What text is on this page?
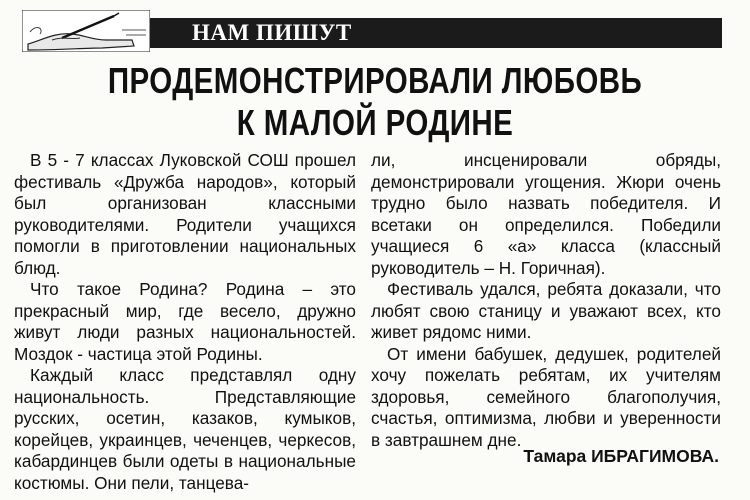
НАМ ПИШУТ
ПРОДЕМОНСТРИРОВАЛИ ЛЮБОВЬ
К МАЛОЙ РОДИНЕ

В 5 - 7 классах Луковской СОШ прошел фестиваль «Дружба народов», который был организован классными руководителями. Родители учащихся помогли в приготовлении национальных блюд.

Что такое Родина? Родина – это прекрасный мир, где весело, дружно живут люди разных национальностей. Моздок - частица этой Родины.

Каждый класс представлял одну национальность. Представляющие русских, осетин, казаков, кумыков, корейцев, украинцев, чеченцев, черкесов, кабардинцев были одеты в национальные костюмы. Они пели, танцева-

ли, инсценировали обряды, демонстрировали угощения. Жюри очень трудно было назвать победителя. И всетаки он определился. Победили учащиеся 6 «а» класса (классный руководитель – Н. Горичная).

Фестиваль удался, ребята доказали, что любят свою станицу и уважают всех, кто живет рядомс ними.

От имени бабушек, дедушек, родителей хочу пожелать ребятам, их учителям здоровья, семейного благополучия, счастья, оптимизма, любви и уверенности в завтрашнем дне.

Тамара ИБРАГИМОВА.
